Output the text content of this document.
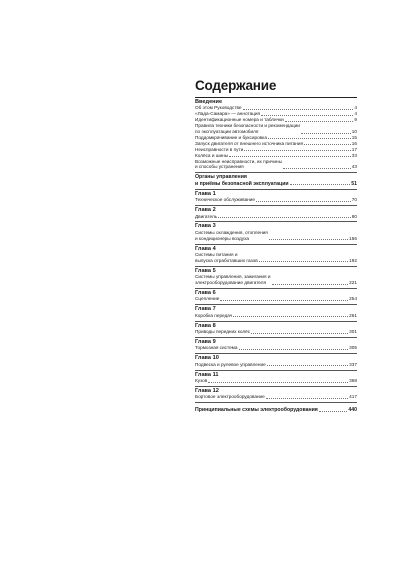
Содержание
Введение
Об этом Руководстве	4
«Лада-Самара» — аннотация	4
Идентификационные номера и таблички	9
Правила техники безопасности и рекомендации
по эксплуатации автомобиля	10
Поддомкрачивание и буксировка	15
Запуск двигателя от внешнего источника питания	16
Неисправности в пути	17
Колёса и шины	33
Возможные неисправности, их причины
и способы устранения	43
Органы управления
и приёмы безопасной эксплуатации	51
Глава 1
Техническое обслуживание	70
Глава 2
Двигатель	80
Глава 3
Системы охлаждения, отопления
и кондиционеры воздуха	156
Глава 4
Системы питания и
выпуска отработавших газов	192
Глава 5
Системы управления, зажигания и
электрооборудование двигателя	221
Глава 6
Сцепление	254
Глава 7
Коробка передач	261
Глава 8
Приводы передних колёс	301
Глава 9
Тормозная система	305
Глава 10
Подвеска и рулевое управление	337
Глава 11
Кузов	368
Глава 12
Бортовое электрооборудование	417
Принципиальные схемы электрооборудования	440
